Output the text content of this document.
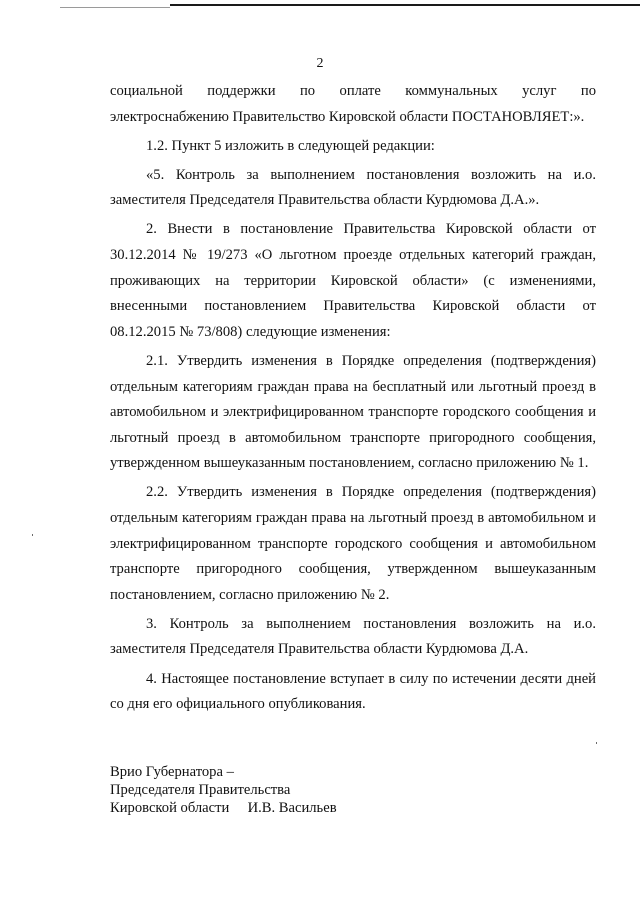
2

социальной поддержки по оплате коммунальных услуг по
электроснабжению Правительство Кировской области ПОСТАНОВЛЯЕТ:».

1.2. Пункт 5 изложить в следующей редакции:

«5. Контроль за выполнением постановления возложить на и.о. заместителя Председателя Правительства области Курдюмова Д.А.».

2. Внести в постановление Правительства Кировской области от 30.12.2014 № 19/273 «О льготном проезде отдельных категорий граждан, проживающих на территории Кировской области» (с изменениями, внесенными постановлением Правительства Кировской области от 08.12.2015 № 73/808) следующие изменения:

2.1. Утвердить изменения в Порядке определения (подтверждения) отдельным категориям граждан права на бесплатный или льготный проезд в автомобильном и электрифицированном транспорте городского сообщения и льготный проезд в автомобильном транспорте пригородного сообщения, утвержденном вышеуказанным постановлением, согласно приложению № 1.

2.2. Утвердить изменения в Порядке определения (подтверждения) отдельным категориям граждан права на льготный проезд в автомобильном и электрифицированном транспорте городского сообщения и автомобильном транспорте пригородного сообщения, утвержденном вышеуказанным постановлением, согласно приложению № 2.

3. Контроль за выполнением постановления возложить на и.о. заместителя Председателя Правительства области Курдюмова Д.А.

4. Настоящее постановление вступает в силу по истечении десяти дней со дня его официального опубликования.

Врио Губернатора –
Председателя Правительства
Кировской области И.В. Васильев
